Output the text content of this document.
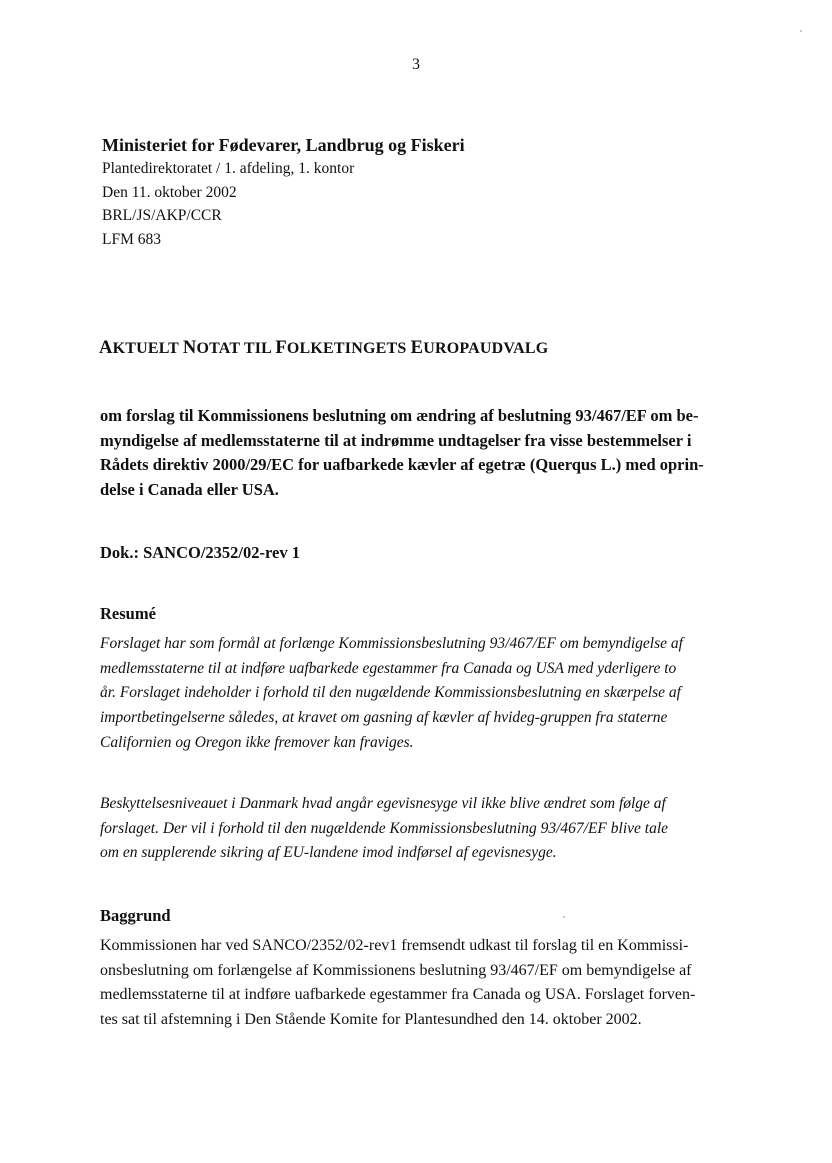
3

Ministeriet for Fødevarer, Landbrug og Fiskeri

Plantedirektoratet / 1. afdeling, 1. kontor

Den 11. oktober 2002

BRL/JS/AKP/CCR

LFM 683

AKTUELT NOTAT TIL FOLKETINGETS EUROPAUDVALG

om forslag til Kommissionens beslutning om ændring af beslutning 93/467/EF om be-
myndigelse af medlemsstaterne til at indrømme undtagelser fra visse bestemmelser i
Rådets direktiv 2000/29/EC for uafbarkede kævler af egetræ (Querqus L.) med oprin-
delse i Canada eller USA.

Dok.: SANCO/2352/02-rev 1

Resumé

Forslaget har som formål at forlænge Kommissionsbeslutning 93/467/EF om bemyndigelse af
medlemsstaterne til at indføre uafbarkede egestammer fra Canada og USA med yderligere to
år. Forslaget indeholder i forhold til den nugældende Kommissionsbeslutning en skærpelse af
importbetingelserne således, at kravet om gasning af kævler af hvideg-gruppen fra staterne
Californien og Oregon ikke fremover kan fraviges.

Beskyttelsesniveauet i Danmark hvad angår egevisnesyge vil ikke blive ændret som følge af
forslaget. Der vil i forhold til den nugældende Kommissionsbeslutning 93/467/EF blive tale
om en supplerende sikring af EU-landene imod indførsel af egevisnesyge.

Baggrund

Kommissionen har ved SANCO/2352/02-rev1 fremsendt udkast til forslag til en Kommissi-
onsbeslutning om forlængelse af Kommissionens beslutning 93/467/EF om bemyndigelse af
medlemsstaterne til at indføre uafbarkede egestammer fra Canada og USA. Forslaget forven-
tes sat til afstemning i Den Stående Komite for Plantesundhed den 14. oktober 2002.
